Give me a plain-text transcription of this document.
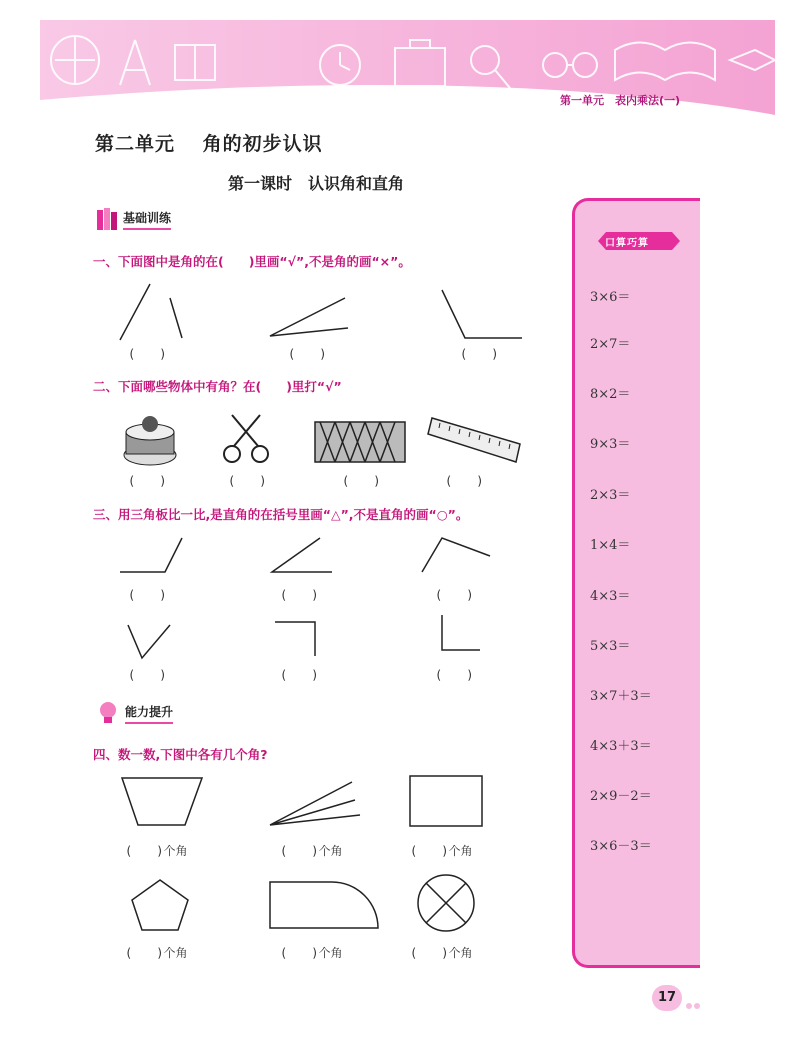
第一单元　表内乘法(一)
第二单元　 角的初步认识
第一课时　认识角和直角
基础训练
一、下面图中是角的在(　　)里画“√”,不是角的画“×”。
(　　)	(　　)	(　　)
二、下面哪些物体中有角？在(　　)里打“√”
(　　)	(　　)	(　　)	(　　)
三、用三角板比一比,是直角的在括号里画“△”,不是直角的画“○”。
(　　)	(　　)	(　　)
(　　)	(　　)	(　　)
能力提升
四、数一数,下图中各有几个角?
(　　)个角	(　　)个角	(　　)个角
(　　)个角	(　　)个角	(　　)个角
口算巧算
3×6＝
2×7＝
8×2＝
9×3＝
2×3＝
1×4＝
4×3＝
5×3＝
3×7＋3＝
4×3＋3＝
2×9－2＝
3×6－3＝
17
